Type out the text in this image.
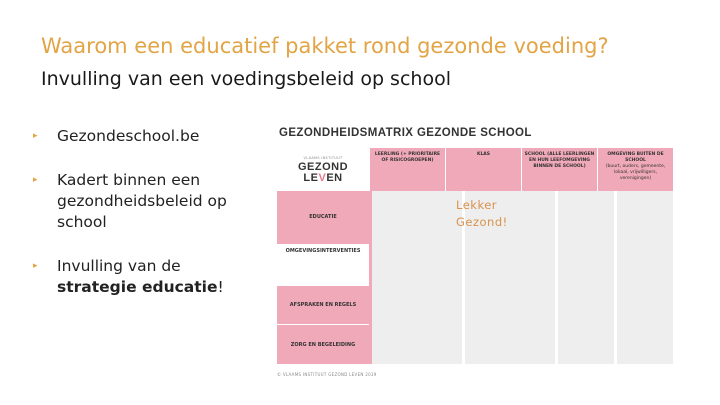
Waarom een educatief pakket rond gezonde voeding?
Invulling van een voedingsbeleid op school
▸ Gezondeschool.be
▸ Kadert binnen een gezondheidsbeleid op school
▸ Invulling van de strategie educatie!
GEZONDHEIDSMATRIX GEZONDE SCHOOL
VLAAMS INSTITUUT
GEZOND
LEVEN
LEERLING (+ PRIORITAIRE OF RISICOGROEPEN)
KLAS	SCHOOL (ALLE LEERLINGEN EN HUN LEEFOMGEVING BINNEN DE SCHOOL)
OMGEVING BUITEN DE SCHOOL
(buurt, ouders, gemeente, lokaal, vrijwilligers, verenigingen)
EDUCATIE
OMGEVINGSINTERVENTIES
AFSPRAKEN EN REGELS
ZORG EN BEGELEIDING
© VLAAMS INSTITUUT GEZOND LEVEN 2019
Lekker Gezond!
